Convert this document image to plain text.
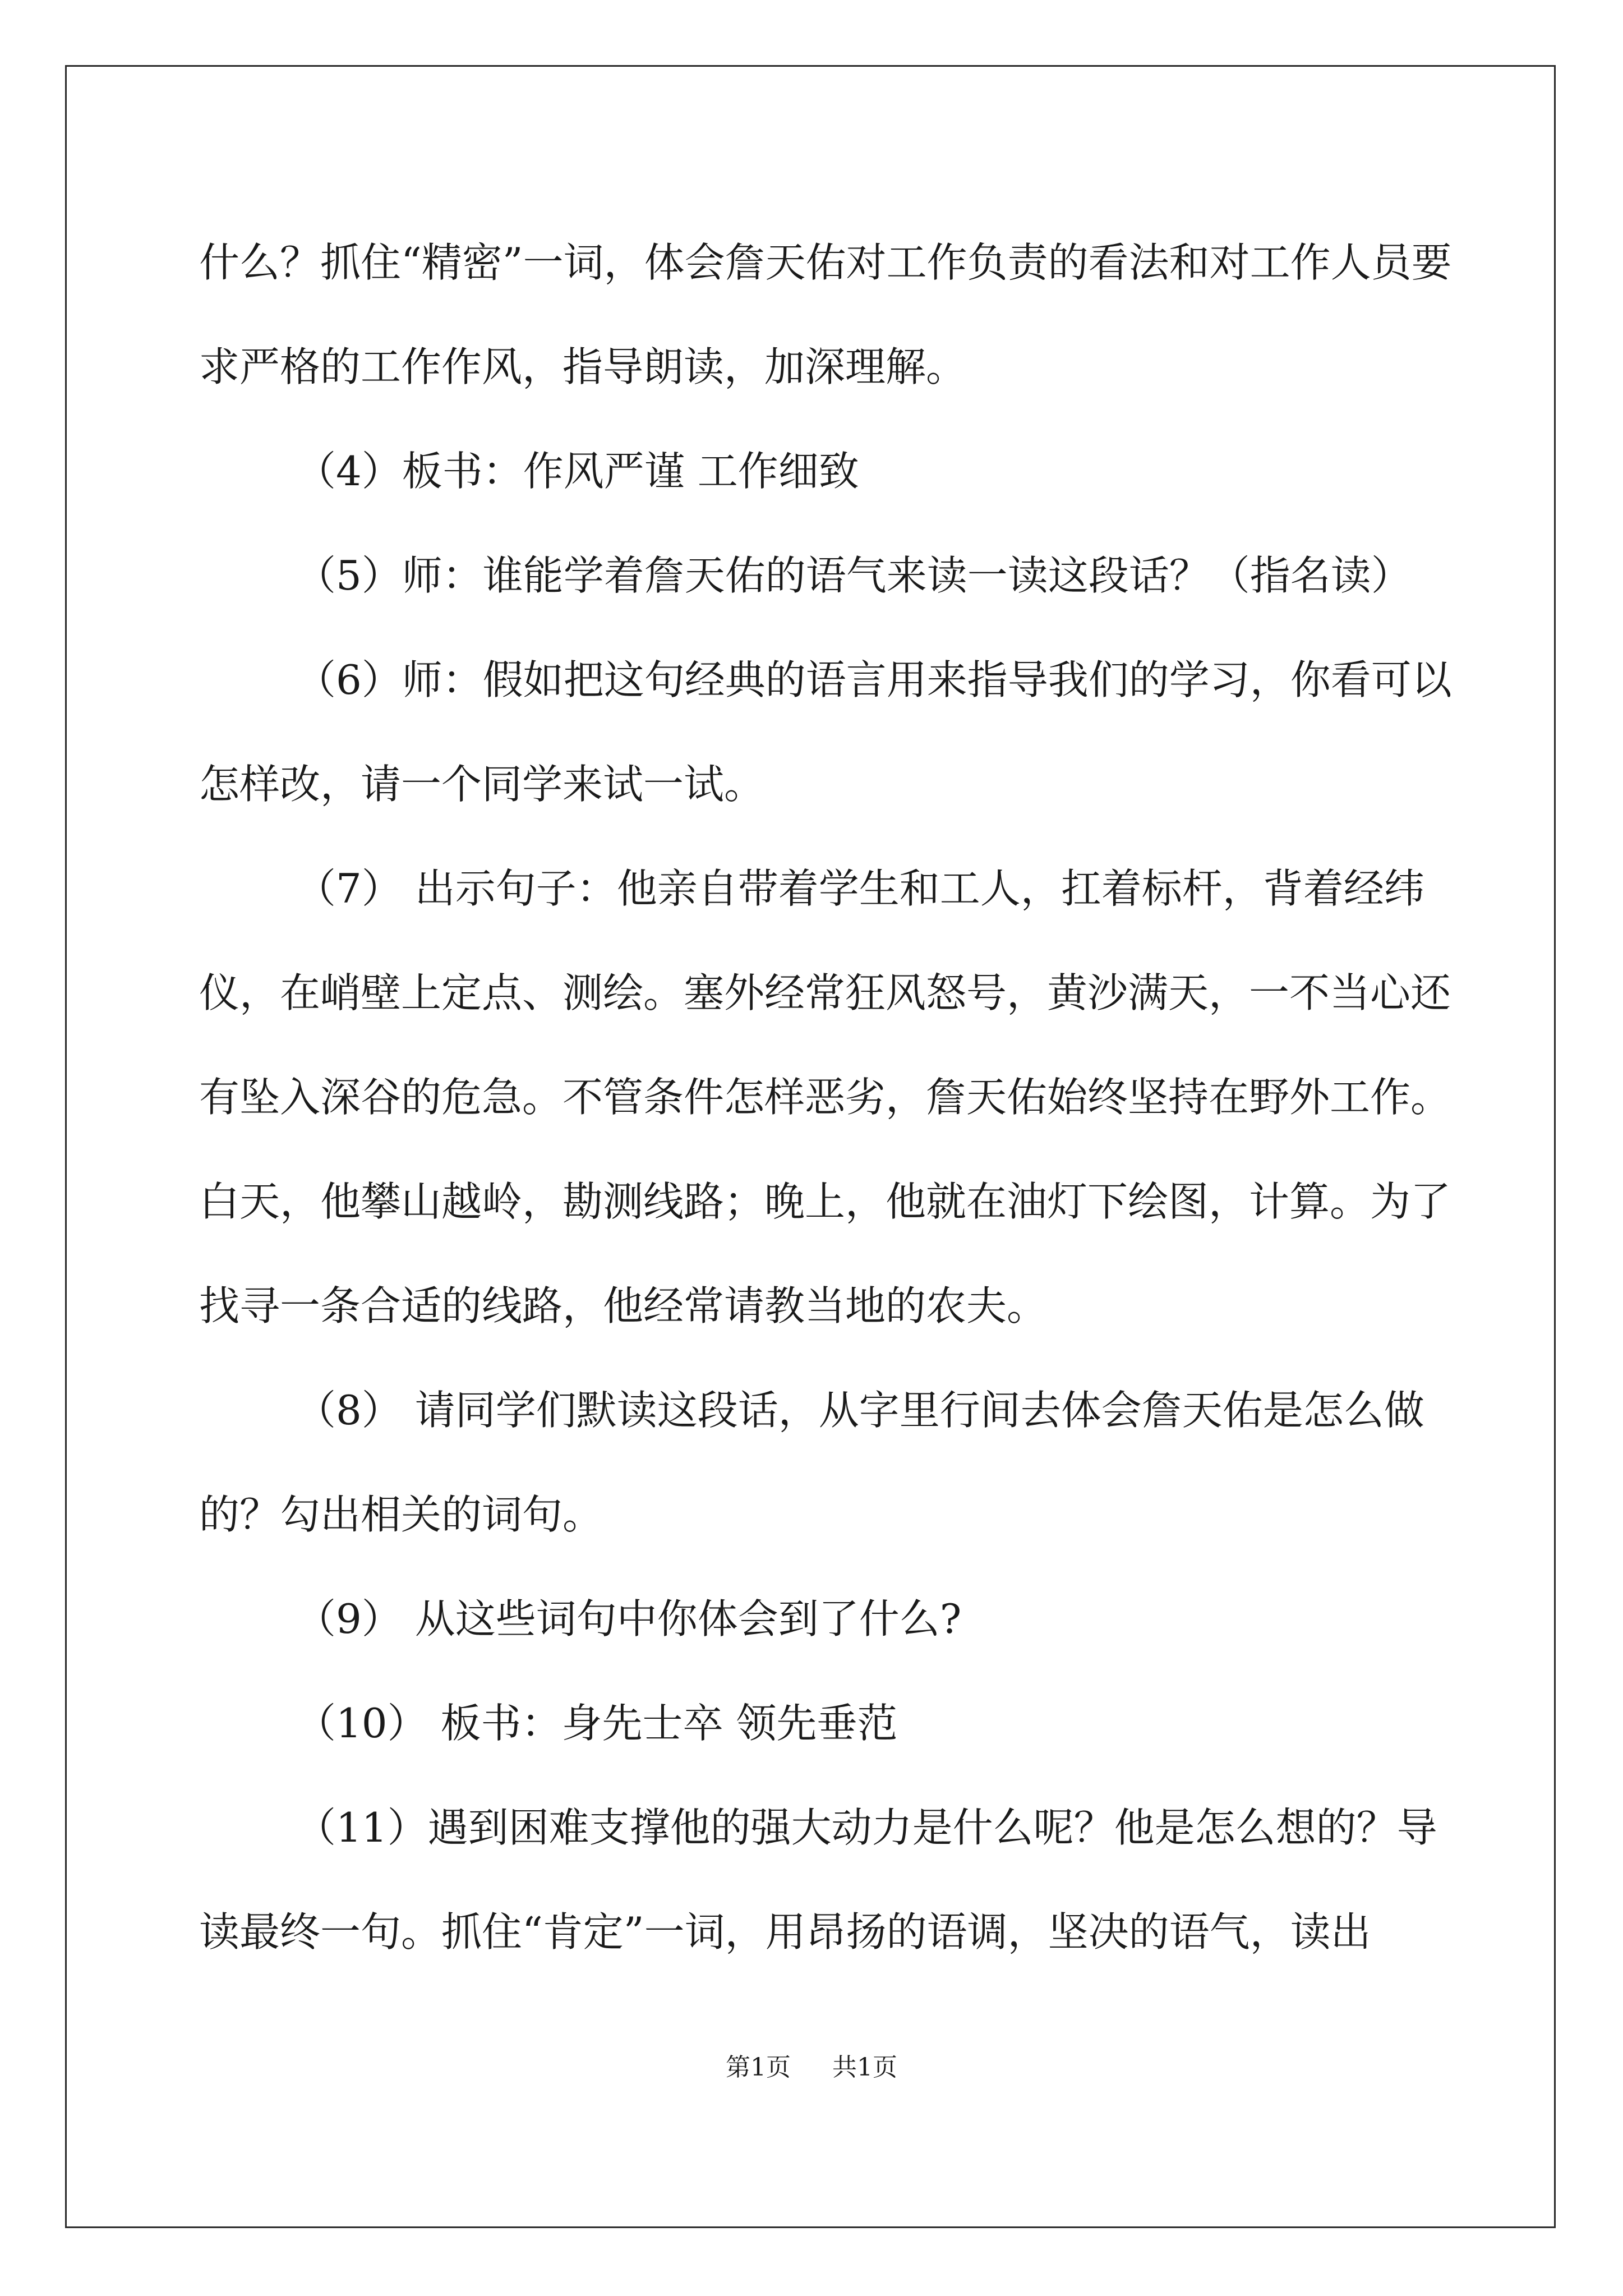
什么？抓住“精密”一词，体会詹天佑对工作负责的看法和对工作人员要求严格的工作作风，指导朗读，加深理解。

（4）板书：作风严谨 工作细致

（5）师：谁能学着詹天佑的语气来读一读这段话？（指名读）

（6）师：假如把这句经典的语言用来指导我们的学习，你看可以怎样改，请一个同学来试一试。

（7） 出示句子：他亲自带着学生和工人，扛着标杆，背着经纬仪，在峭壁上定点、测绘。塞外经常狂风怒号，黄沙满天，一不当心还有坠入深谷的危急。不管条件怎样恶劣，詹天佑始终坚持在野外工作。白天，他攀山越岭，勘测线路；晚上，他就在油灯下绘图，计算。为了找寻一条合适的线路，他经常请教当地的农夫。

（8） 请同学们默读这段话，从字里行间去体会詹天佑是怎么做的？勾出相关的词句。

（9） 从这些词句中你体会到了什么?

（10） 板书：身先士卒 领先垂范

（11）遇到困难支撑他的强大动力是什么呢？他是怎么想的？导读最终一句。抓住“肯定”一词，用昂扬的语调，坚决的语气，读出

第1页 共1页
